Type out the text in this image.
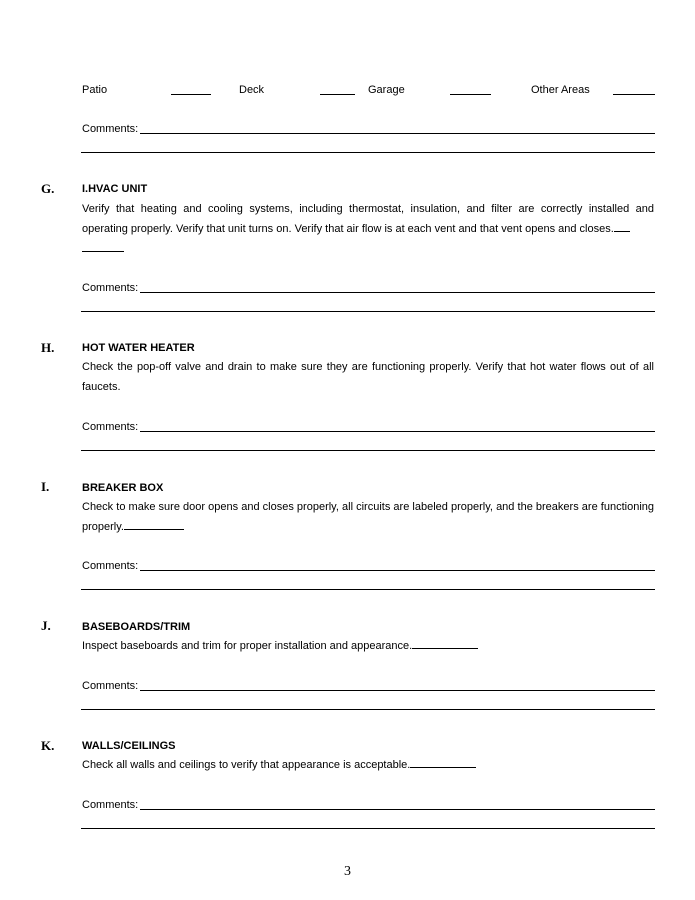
Patio	Deck	Garage	Other Areas
Comments:
G.	I.HVAC UNIT
Verify that heating and cooling systems, including thermostat, insulation, and filter are correctly installed and operating properly. Verify that unit turns on. Verify that air flow is at each vent and that vent opens and closes.

Comments:
H.	HOT WATER HEATER
Check the pop-off valve and drain to make sure they are functioning properly. Verify that hot water flows out of all faucets.
Comments:
I.	BREAKER BOX
Check to make sure door opens and closes properly, all circuits are labeled properly, and the breakers are functioning properly.
Comments:
J.	BASEBOARDS/TRIM
Inspect baseboards and trim for proper installation and appearance.
Comments:
K.	WALLS/CEILINGS
Check all walls and ceilings to verify that appearance is acceptable.
Comments:
3
